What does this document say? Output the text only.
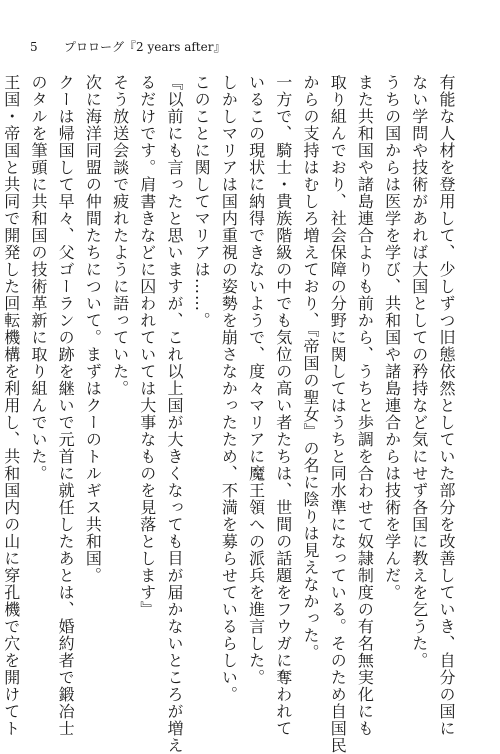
5 プロローグ『2 years after』
有能な人材を登用して、少しずつ旧態依然としていた部分を改善していき、自分の国に
ない学問や技術があれば大国としての矜持など気にせず各国に教えを乞うた。
うちの国からは医学を学び、共和国や諸島連合からは技術を学んだ。
また共和国や諸島連合よりも前から、うちと歩調を合わせて奴隷制度の有名無実化にも
取り組んでおり、社会保障の分野に関してはうちと同水準になっている。そのため自国民
からの支持はむしろ増えており、『帝国の聖女』の名に陰りは見えなかった。
一方で、騎士・貴族階級の中でも気位の高い者たちは、世間の話題をフウガに奪われて
いるこの現状に納得できないようで、度々マリアに魔王領への派兵を進言した。
しかしマリアは国内重視の姿勢を崩さなかったため、不満を募らせているらしい。
このことに関してマリアは……。
『以前にも言ったと思いますが、これ以上国が大きくなっても目が届かないところが増え
るだけです。肩書きなどに囚われていては大事なものを見落とします』
そう放送会談で疲れたように語っていた。
次に海洋同盟の仲間たちについて。まずはクーのトルギス共和国。
クーは帰国して早々、父ゴーランの跡を継いで元首に就任したあとは、婚約者で鍛冶士
のタルを筆頭に共和国の技術革新に取り組んでいた。
王国・帝国と共同で開発した回転機構を利用し、共和国内の山に穿孔機で穴を開けてト
